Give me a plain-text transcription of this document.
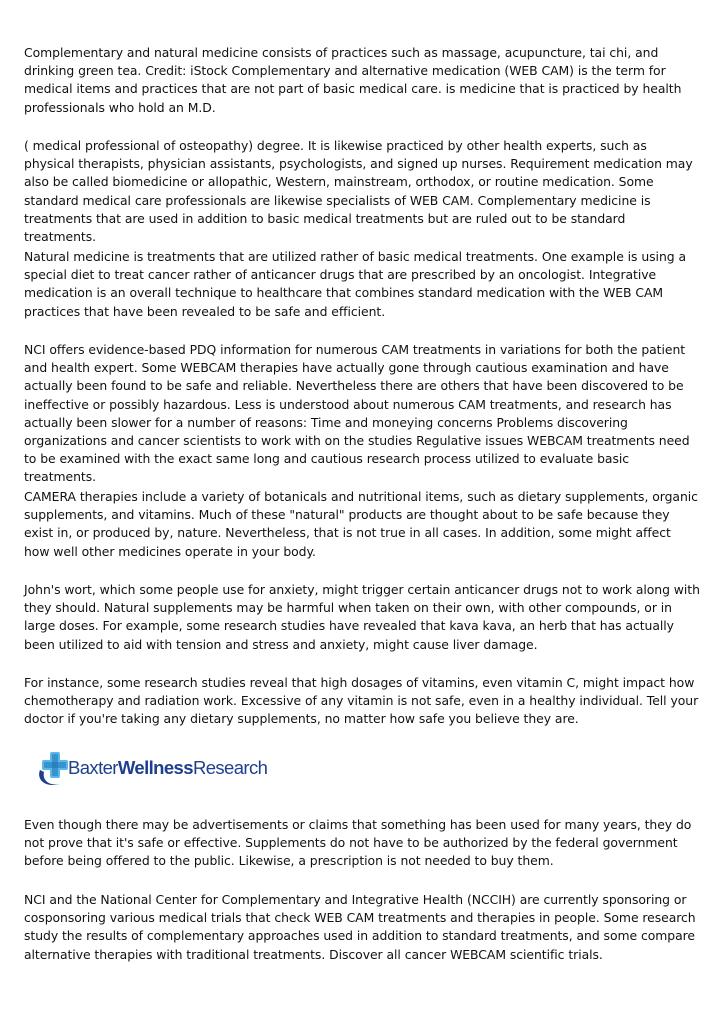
Complementary and natural medicine consists of practices such as massage, acupuncture, tai chi, and drinking green tea. Credit: iStock Complementary and alternative medication (WEB CAM) is the term for medical items and practices that are not part of basic medical care. is medicine that is practiced by health professionals who hold an M.D.

( medical professional of osteopathy) degree. It is likewise practiced by other health experts, such as physical therapists, physician assistants, psychologists, and signed up nurses. Requirement medication may also be called biomedicine or allopathic, Western, mainstream, orthodox, or routine medication. Some standard medical care professionals are likewise specialists of WEB CAM. Complementary medicine is treatments that are used in addition to basic medical treatments but are ruled out to be standard treatments.

Natural medicine is treatments that are utilized rather of basic medical treatments. One example is using a special diet to treat cancer rather of anticancer drugs that are prescribed by an oncologist. Integrative medication is an overall technique to healthcare that combines standard medication with the WEB CAM practices that have been revealed to be safe and efficient.

NCI offers evidence-based PDQ information for numerous CAM treatments in variations for both the patient and health expert. Some WEBCAM therapies have actually gone through cautious examination and have actually been found to be safe and reliable. Nevertheless there are others that have been discovered to be ineffective or possibly hazardous. Less is understood about numerous CAM treatments, and research has actually been slower for a number of reasons: Time and moneying concerns Problems discovering organizations and cancer scientists to work with on the studies Regulative issues WEBCAM treatments need to be examined with the exact same long and cautious research process utilized to evaluate basic treatments.

CAMERA therapies include a variety of botanicals and nutritional items, such as dietary supplements, organic supplements, and vitamins. Much of these "natural" products are thought about to be safe because they exist in, or produced by, nature. Nevertheless, that is not true in all cases. In addition, some might affect how well other medicines operate in your body.

John's wort, which some people use for anxiety, might trigger certain anticancer drugs not to work along with they should. Natural supplements may be harmful when taken on their own, with other compounds, or in large doses. For example, some research studies have revealed that kava kava, an herb that has actually been utilized to aid with tension and stress and anxiety, might cause liver damage.

For instance, some research studies reveal that high dosages of vitamins, even vitamin C, might impact how chemotherapy and radiation work. Excessive of any vitamin is not safe, even in a healthy individual. Tell your doctor if you're taking any dietary supplements, no matter how safe you believe they are.

BaxterWellnessResearch

Even though there may be advertisements or claims that something has been used for many years, they do not prove that it's safe or effective. Supplements do not have to be authorized by the federal government before being offered to the public. Likewise, a prescription is not needed to buy them.

NCI and the National Center for Complementary and Integrative Health (NCCIH) are currently sponsoring or cosponsoring various medical trials that check WEB CAM treatments and therapies in people. Some research study the results of complementary approaches used in addition to standard treatments, and some compare alternative therapies with traditional treatments. Discover all cancer WEBCAM scientific trials.
